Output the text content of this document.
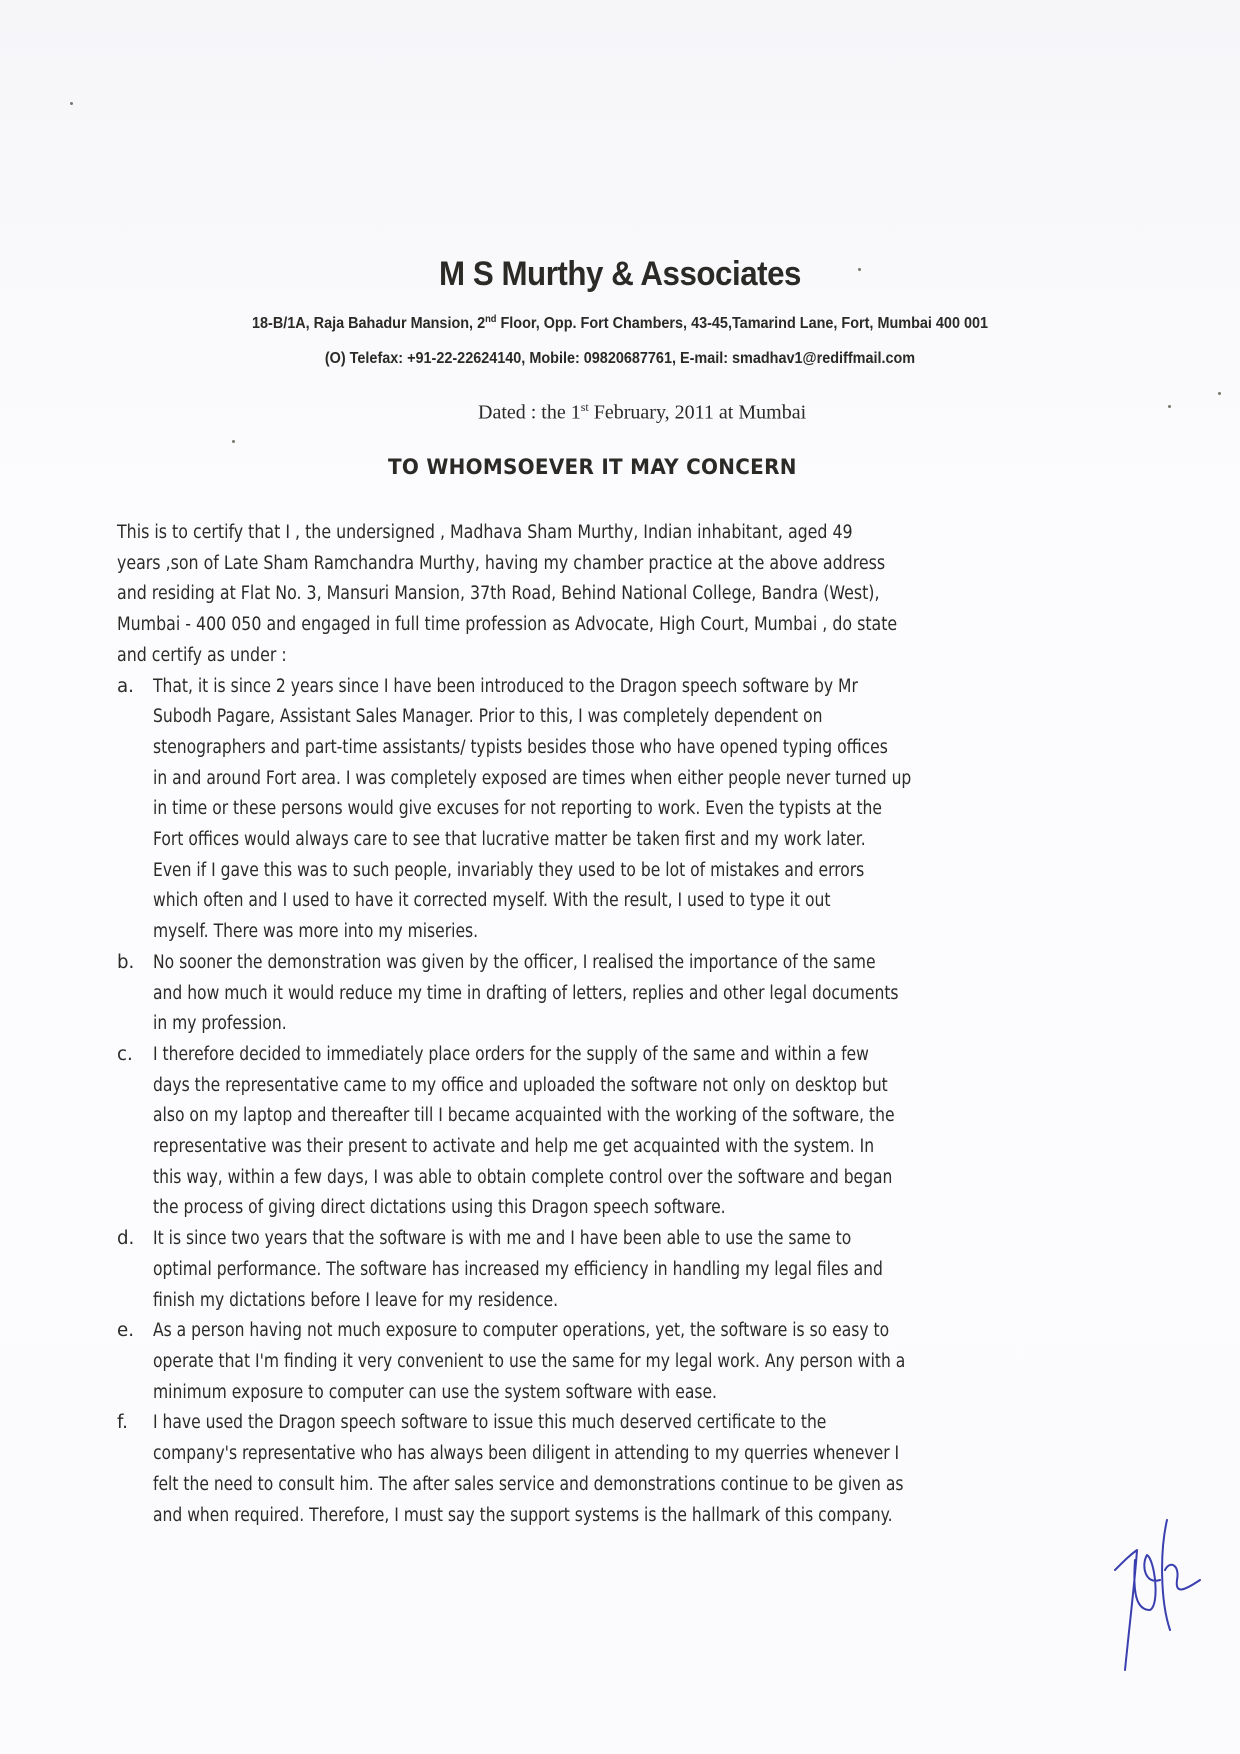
M S Murthy & Associates
18-B/1A, Raja Bahadur Mansion, 2nd Floor, Opp. Fort Chambers, 43-45,Tamarind Lane, Fort, Mumbai 400 001
(O) Telefax: +91-22-22624140, Mobile: 09820687761, E-mail: smadhav1@rediffmail.com
Dated : the 1st February, 2011 at Mumbai
TO WHOMSOEVER IT MAY CONCERN
This is to certify that I , the undersigned , Madhava Sham Murthy, Indian inhabitant, aged 49
years ,son of Late Sham Ramchandra Murthy, having my chamber practice at the above address
and residing at Flat No. 3, Mansuri Mansion, 37th Road, Behind National College, Bandra (West),
Mumbai - 400 050 and engaged in full time profession as Advocate, High Court, Mumbai , do state
and certify as under :
a.	That, it is since 2 years since I have been introduced to the Dragon speech software by Mr
Subodh Pagare, Assistant Sales Manager. Prior to this, I was completely dependent on
stenographers and part-time assistants/ typists besides those who have opened typing offices
in and around Fort area. I was completely exposed are times when either people never turned up
in time or these persons would give excuses for not reporting to work. Even the typists at the
Fort offices would always care to see that lucrative matter be taken first and my work later.
Even if I gave this was to such people, invariably they used to be lot of mistakes and errors
which often and I used to have it corrected myself. With the result, I used to type it out
myself. There was more into my miseries.
b.	No sooner the demonstration was given by the officer, I realised the importance of the same
and how much it would reduce my time in drafting of letters, replies and other legal documents
in my profession.
c.	I therefore decided to immediately place orders for the supply of the same and within a few
days the representative came to my office and uploaded the software not only on desktop but
also on my laptop and thereafter till I became acquainted with the working of the software, the
representative was their present to activate and help me get acquainted with the system. In
this way, within a few days, I was able to obtain complete control over the software and began
the process of giving direct dictations using this Dragon speech software.
d.	It is since two years that the software is with me and I have been able to use the same to
optimal performance. The software has increased my efficiency in handling my legal files and
finish my dictations before I leave for my residence.
e.	As a person having not much exposure to computer operations, yet, the software is so easy to
operate that I'm finding it very convenient to use the same for my legal work. Any person with a
minimum exposure to computer can use the system software with ease.
f.	I have used the Dragon speech software to issue this much deserved certificate to the
company's representative who has always been diligent in attending to my querries whenever I
felt the need to consult him. The after sales service and demonstrations continue to be given as
and when required. Therefore, I must say the support systems is the hallmark of this company.
